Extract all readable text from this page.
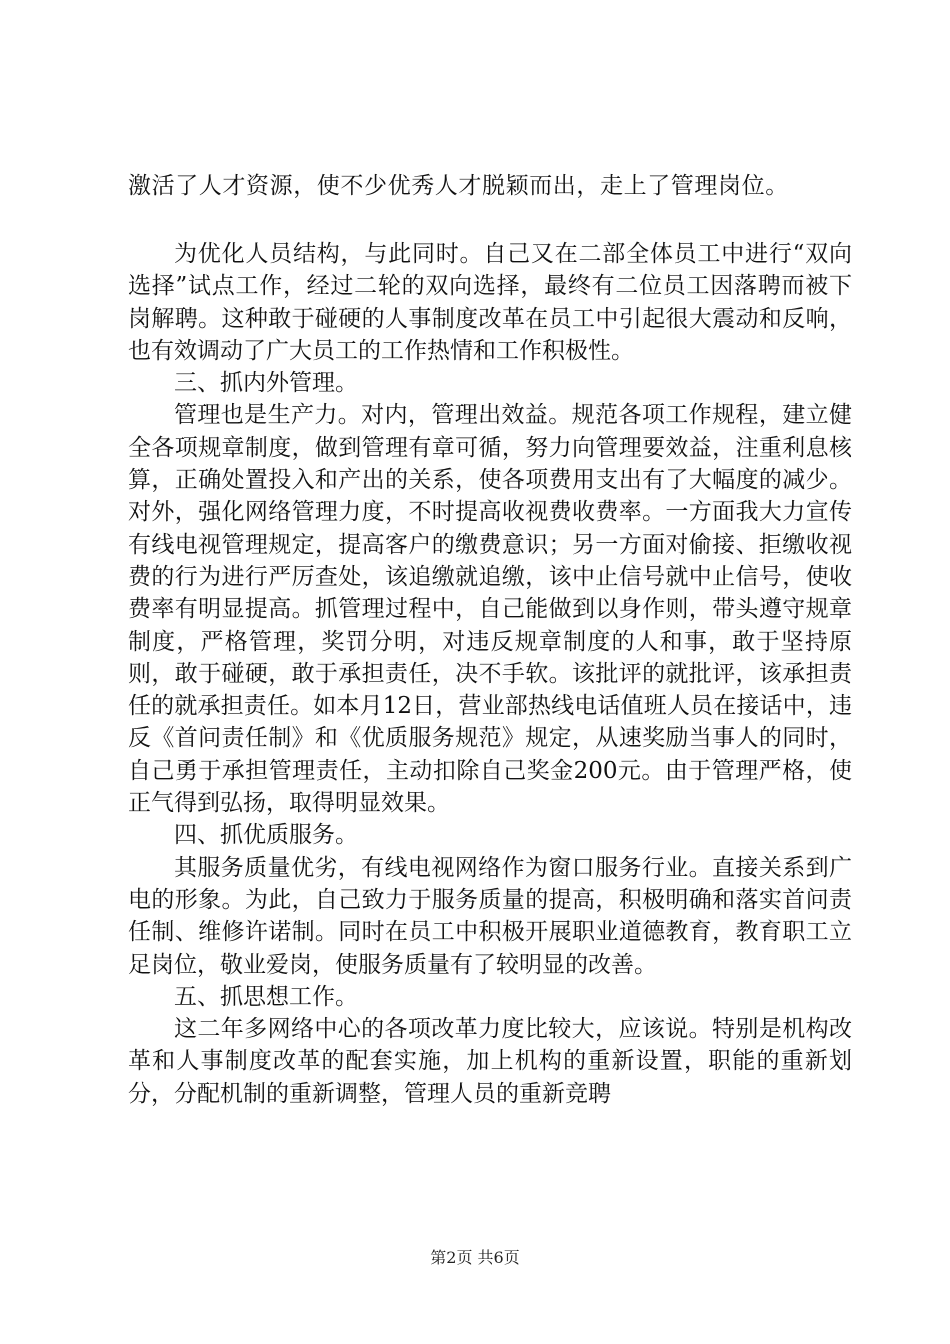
激活了人才资源，使不少优秀人才脱颖而出，走上了管理岗位。

为优化人员结构，与此同时。自己又在二部全体员工中进行“双向选择”试点工作，经过二轮的双向选择，最终有二位员工因落聘而被下岗解聘。这种敢于碰硬的人事制度改革在员工中引起很大震动和反响，也有效调动了广大员工的工作热情和工作积极性。

三、抓内外管理。

管理也是生产力。对内，管理出效益。规范各项工作规程，建立健全各项规章制度，做到管理有章可循，努力向管理要效益，注重利息核算，正确处置投入和产出的关系，使各项费用支出有了大幅度的减少。对外，强化网络管理力度，不时提高收视费收费率。一方面我大力宣传有线电视管理规定，提高客户的缴费意识；另一方面对偷接、拒缴收视费的行为进行严厉查处，该追缴就追缴，该中止信号就中止信号，使收费率有明显提高。抓管理过程中，自己能做到以身作则，带头遵守规章制度，严格管理，奖罚分明，对违反规章制度的人和事，敢于坚持原则，敢于碰硬，敢于承担责任，决不手软。该批评的就批评，该承担责任的就承担责任。如本月12日，营业部热线电话值班人员在接话中，违反《首问责任制》和《优质服务规范》规定，从速奖励当事人的同时，自己勇于承担管理责任，主动扣除自己奖金200元。由于管理严格，使正气得到弘扬，取得明显效果。

四、抓优质服务。

其服务质量优劣，有线电视网络作为窗口服务行业。直接关系到广电的形象。为此，自己致力于服务质量的提高，积极明确和落实首问责任制、维修许诺制。同时在员工中积极开展职业道德教育，教育职工立足岗位，敬业爱岗，使服务质量有了较明显的改善。

五、抓思想工作。

这二年多网络中心的各项改革力度比较大，应该说。特别是机构改革和人事制度改革的配套实施，加上机构的重新设置，职能的重新划分，分配机制的重新调整，管理人员的重新竞聘

第2页 共6页
